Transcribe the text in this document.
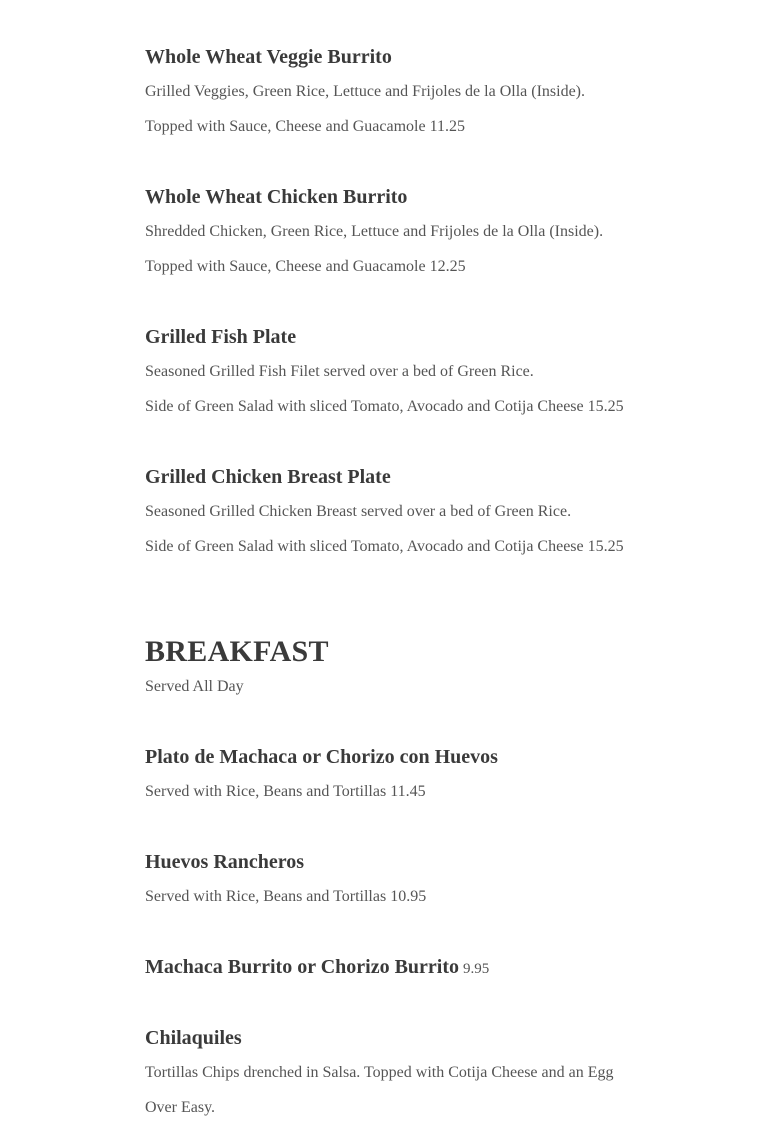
Whole Wheat Veggie Burrito

Grilled Veggies, Green Rice, Lettuce and Frijoles de la Olla (Inside).

Topped with Sauce, Cheese and Guacamole 11.25

Whole Wheat Chicken Burrito

Shredded Chicken, Green Rice, Lettuce and Frijoles de la Olla (Inside).

Topped with Sauce, Cheese and Guacamole 12.25

Grilled Fish Plate

Seasoned Grilled Fish Filet served over a bed of Green Rice.

Side of Green Salad with sliced Tomato, Avocado and Cotija Cheese 15.25

Grilled Chicken Breast Plate

Seasoned Grilled Chicken Breast served over a bed of Green Rice.

Side of Green Salad with sliced Tomato, Avocado and Cotija Cheese 15.25

BREAKFAST

Served All Day

Plato de Machaca or Chorizo con Huevos

Served with Rice, Beans and Tortillas 11.45

Huevos Rancheros

Served with Rice, Beans and Tortillas 10.95

Machaca Burrito or Chorizo Burrito 9.95
Chilaquiles

Tortillas Chips drenched in Salsa. Topped with Cotija Cheese and an Egg

Over Easy.
